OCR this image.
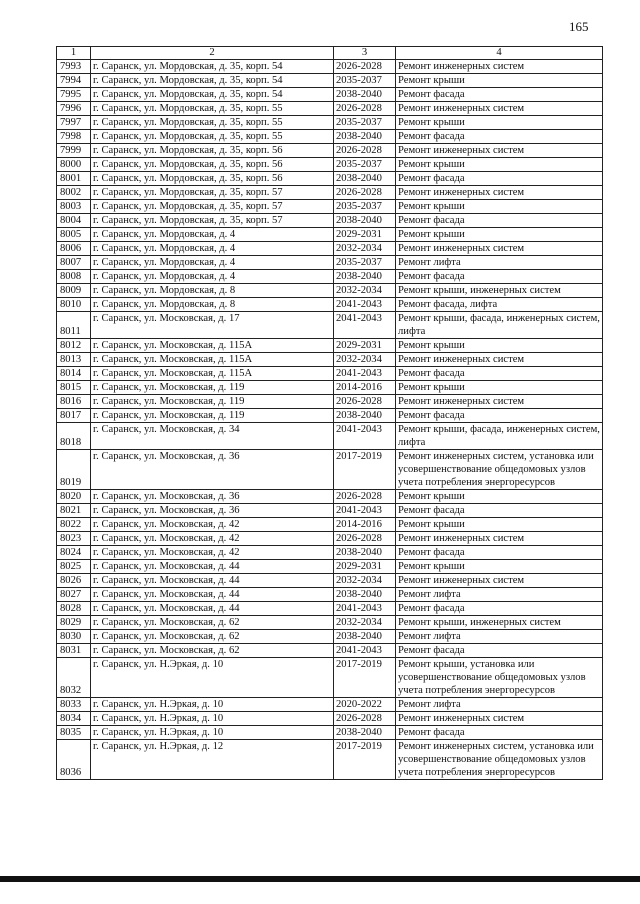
165
1	2	3	4
7993	г. Саранск, ул. Мордовская, д. 35, корп. 54	2026-2028	Ремонт инженерных систем
7994	г. Саранск, ул. Мордовская, д. 35, корп. 54	2035-2037	Ремонт крыши
7995	г. Саранск, ул. Мордовская, д. 35, корп. 54	2038-2040	Ремонт фасада
7996	г. Саранск, ул. Мордовская, д. 35, корп. 55	2026-2028	Ремонт инженерных систем
7997	г. Саранск, ул. Мордовская, д. 35, корп. 55	2035-2037	Ремонт крыши
7998	г. Саранск, ул. Мордовская, д. 35, корп. 55	2038-2040	Ремонт фасада
7999	г. Саранск, ул. Мордовская, д. 35, корп. 56	2026-2028	Ремонт инженерных систем
8000	г. Саранск, ул. Мордовская, д. 35, корп. 56	2035-2037	Ремонт крыши
8001	г. Саранск, ул. Мордовская, д. 35, корп. 56	2038-2040	Ремонт фасада
8002	г. Саранск, ул. Мордовская, д. 35, корп. 57	2026-2028	Ремонт инженерных систем
8003	г. Саранск, ул. Мордовская, д. 35, корп. 57	2035-2037	Ремонт крыши
8004	г. Саранск, ул. Мордовская, д. 35, корп. 57	2038-2040	Ремонт фасада
8005	г. Саранск, ул. Мордовская, д. 4	2029-2031	Ремонт крыши
8006	г. Саранск, ул. Мордовская, д. 4	2032-2034	Ремонт инженерных систем
8007	г. Саранск, ул. Мордовская, д. 4	2035-2037	Ремонт лифта
8008	г. Саранск, ул. Мордовская, д. 4	2038-2040	Ремонт фасада
8009	г. Саранск, ул. Мордовская, д. 8	2032-2034	Ремонт крыши, инженерных систем
8010	г. Саранск, ул. Мордовская, д. 8	2041-2043	Ремонт фасада, лифта
8011	г. Саранск, ул. Московская, д. 17	2041-2043	Ремонт крыши, фасада, инженерных систем, лифта
8012	г. Саранск, ул. Московская, д. 115А	2029-2031	Ремонт крыши
8013	г. Саранск, ул. Московская, д. 115А	2032-2034	Ремонт инженерных систем
8014	г. Саранск, ул. Московская, д. 115А	2041-2043	Ремонт фасада
8015	г. Саранск, ул. Московская, д. 119	2014-2016	Ремонт крыши
8016	г. Саранск, ул. Московская, д. 119	2026-2028	Ремонт инженерных систем
8017	г. Саранск, ул. Московская, д. 119	2038-2040	Ремонт фасада
8018	г. Саранск, ул. Московская, д. 34	2041-2043	Ремонт крыши, фасада, инженерных систем, лифта
8019	г. Саранск, ул. Московская, д. 36	2017-2019	Ремонт инженерных систем, установка или усовершенствование общедомовых узлов учета потребления энергоресурсов
8020	г. Саранск, ул. Московская, д. 36	2026-2028	Ремонт крыши
8021	г. Саранск, ул. Московская, д. 36	2041-2043	Ремонт фасада
8022	г. Саранск, ул. Московская, д. 42	2014-2016	Ремонт крыши
8023	г. Саранск, ул. Московская, д. 42	2026-2028	Ремонт инженерных систем
8024	г. Саранск, ул. Московская, д. 42	2038-2040	Ремонт фасада
8025	г. Саранск, ул. Московская, д. 44	2029-2031	Ремонт крыши
8026	г. Саранск, ул. Московская, д. 44	2032-2034	Ремонт инженерных систем
8027	г. Саранск, ул. Московская, д. 44	2038-2040	Ремонт лифта
8028	г. Саранск, ул. Московская, д. 44	2041-2043	Ремонт фасада
8029	г. Саранск, ул. Московская, д. 62	2032-2034	Ремонт крыши, инженерных систем
8030	г. Саранск, ул. Московская, д. 62	2038-2040	Ремонт лифта
8031	г. Саранск, ул. Московская, д. 62	2041-2043	Ремонт фасада
8032	г. Саранск, ул. Н.Эркая, д. 10	2017-2019	Ремонт крыши, установка или усовершенствование общедомовых узлов учета потребления энергоресурсов
8033	г. Саранск, ул. Н.Эркая, д. 10	2020-2022	Ремонт лифта
8034	г. Саранск, ул. Н.Эркая, д. 10	2026-2028	Ремонт инженерных систем
8035	г. Саранск, ул. Н.Эркая, д. 10	2038-2040	Ремонт фасада
8036	г. Саранск, ул. Н.Эркая, д. 12	2017-2019	Ремонт инженерных систем, установка или усовершенствование общедомовых узлов учета потребления энергоресурсов
